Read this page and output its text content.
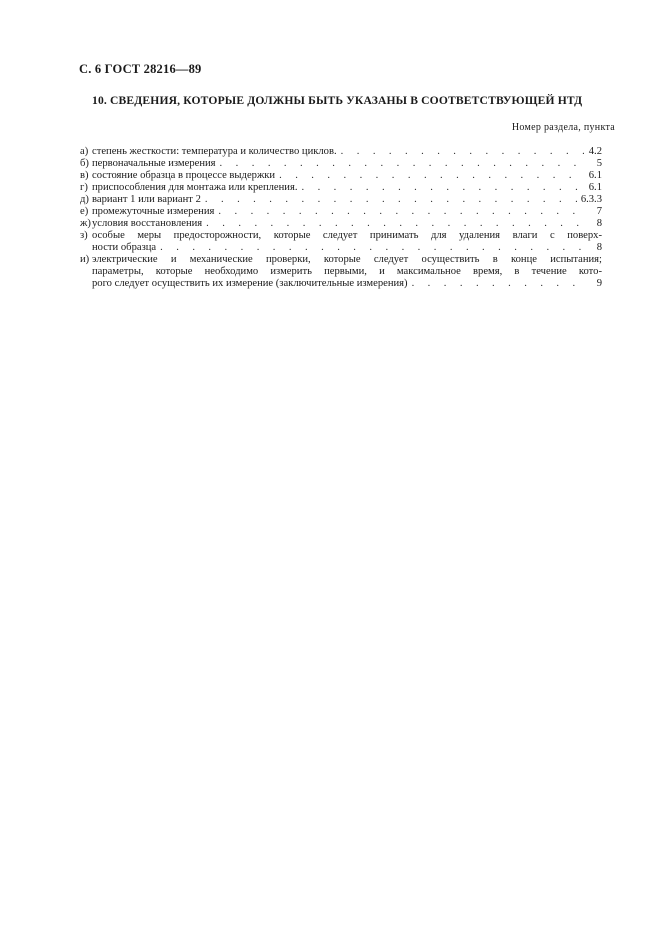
С. 6 ГОСТ 28216—89
10. СВЕДЕНИЯ, КОТОРЫЕ ДОЛЖНЫ БЫТЬ УКАЗАНЫ В СООТВЕТСТВУЮЩЕЙ НТД
Номер раздела, пункта
а) степень жесткости: температура и количество циклов. . . .	4.2
б) первоначальные измерения . . .	5
в) состояние образца в процессе выдержки . . .	6.1
г) приспособления для монтажа или крепления. . . .	6.1
д) вариант 1 или вариант 2 . . .	6.3.3
е) промежуточные измерения . . .	7
ж) условия восстановления . . .	8
з) особые меры предосторожности, которые следует принимать для удаления влаги с поверх-
ности образца . . .	8
и) электрические и механические проверки, которые следует осуществить в конце испытания;
параметры, которые необходимо измерить первыми, и максимальное время, в течение кото-
рого следует осуществить их измерение (заключительные измерения) . . .	9
